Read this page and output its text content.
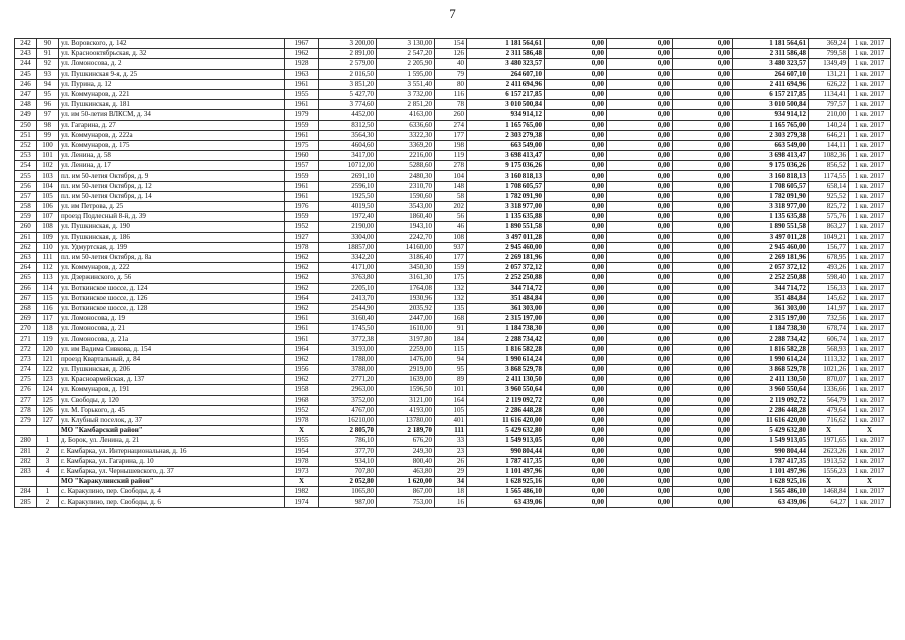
7
242	90	ул. Воровского, д. 142	1967	3 200,00	3 130,00	154	1 181 564,61	0,00	0,00	0,00	1 181 564,61	369,24	1 кв. 2017
243	91	ул. Краснооктябрьская, д. 32	1962	2 891,00	2 547,20	126	2 311 586,48	0,00	0,00	0,00	2 311 586,48	799,58	1 кв. 2017
244	92	ул. Ломоносова, д. 2	1928	2 579,00	2 205,90	40	3 480 323,57	0,00	0,00	0,00	3 480 323,57	1349,49	1 кв. 2017
245	93	ул. Пушкинская 9-я, д. 25	1963	2 016,50	1 595,00	79	264 607,10	0,00	0,00	0,00	264 607,10	131,21	1 кв. 2017
246	94	ул. Пурина, д. 12	1961	3 851,20	3 551,40	80	2 411 694,96	0,00	0,00	0,00	2 411 694,96	626,22	1 кв. 2017
247	95	ул. Коммунаров, д. 221	1955	5 427,70	3 732,00	116	6 157 217,85	0,00	0,00	0,00	6 157 217,85	1134,41	1 кв. 2017
248	96	ул. Пушкинская, д. 181	1961	3 774,60	2 851,20	78	3 010 500,84	0,00	0,00	0,00	3 010 500,84	797,57	1 кв. 2017
249	97	ул. им 50-летия ВЛКСМ, д. 34	1979	4452,00	4163,00	260	934 914,12	0,00	0,00	0,00	934 914,12	210,00	1 кв. 2017
250	98	ул. Гагарина, д. 27	1959	8312,50	6336,60	274	1 165 765,00	0,00	0,00	0,00	1 165 765,00	140,24	1 кв. 2017
251	99	ул. Коммунаров, д. 222а	1961	3564,30	3322,30	177	2 303 279,38	0,00	0,00	0,00	2 303 279,38	646,21	1 кв. 2017
252	100	ул. Коммунаров, д. 175	1975	4604,60	3369,20	198	663 549,00	0,00	0,00	0,00	663 549,00	144,11	1 кв. 2017
253	101	ул. Ленина, д. 58	1960	3417,00	2216,00	119	3 698 413,47	0,00	0,00	0,00	3 698 413,47	1082,36	1 кв. 2017
254	102	ул. Ленина, д. 17	1957	10712,00	5288,60	278	9 175 036,26	0,00	0,00	0,00	9 175 036,26	856,52	1 кв. 2017
255	103	пл. им 50-летия Октября, д. 9	1959	2691,10	2480,30	104	3 160 818,13	0,00	0,00	0,00	3 160 818,13	1174,55	1 кв. 2017
256	104	пл. им 50-летия Октября, д. 12	1961	2596,10	2310,70	148	1 708 605,57	0,00	0,00	0,00	1 708 605,57	658,14	1 кв. 2017
257	105	пл. им 50-летия Октября, д. 14	1961	1925,50	1590,60	58	1 782 091,90	0,00	0,00	0,00	1 782 091,90	925,52	1 кв. 2017
258	106	ул. им Петрова, д. 25	1976	4019,50	3543,00	202	3 318 977,00	0,00	0,00	0,00	3 318 977,00	825,72	1 кв. 2017
259	107	проезд Подлесный 8-й, д. 39	1959	1972,40	1860,40	56	1 135 635,88	0,00	0,00	0,00	1 135 635,88	575,76	1 кв. 2017
260	108	ул. Пушкинская, д. 190	1952	2190,00	1943,10	46	1 890 551,58	0,00	0,00	0,00	1 890 551,58	863,27	1 кв. 2017
261	109	ул. Пушкинская, д. 186	1927	3304,00	2242,70	108	3 497 011,28	0,00	0,00	0,00	3 497 011,28	1049,21	1 кв. 2017
262	110	ул. Удмуртская, д. 199	1978	18857,00	14160,00	937	2 945 460,00	0,00	0,00	0,00	2 945 460,00	156,77	1 кв. 2017
263	111	пл. им 50-летия Октября, д. 8а	1962	3342,20	3186,40	177	2 269 181,96	0,00	0,00	0,00	2 269 181,96	678,95	1 кв. 2017
264	112	ул. Коммунаров, д. 222	1962	4171,00	3450,30	159	2 057 372,12	0,00	0,00	0,00	2 057 372,12	493,26	1 кв. 2017
265	113	ул. Дзержинского, д. 56	1962	3763,80	3161,30	175	2 252 250,88	0,00	0,00	0,00	2 252 250,88	598,40	1 кв. 2017
266	114	ул. Воткинское шоссе, д. 124	1962	2205,10	1764,08	132	344 714,72	0,00	0,00	0,00	344 714,72	156,33	1 кв. 2017
267	115	ул. Воткинское шоссе, д. 126	1964	2413,70	1930,96	132	351 484,84	0,00	0,00	0,00	351 484,84	145,62	1 кв. 2017
268	116	ул. Воткинское шоссе, д. 128	1962	2544,90	2035,92	135	361 303,00	0,00	0,00	0,00	361 303,00	141,97	1 кв. 2017
269	117	ул. Ломоносова, д. 19	1961	3160,40	2447,00	168	2 315 197,00	0,00	0,00	0,00	2 315 197,00	732,56	1 кв. 2017
270	118	ул. Ломоносова, д. 21	1961	1745,50	1610,00	91	1 184 738,30	0,00	0,00	0,00	1 184 738,30	678,74	1 кв. 2017
271	119	ул. Ломоносова, д. 21а	1961	3772,38	3197,80	184	2 288 734,42	0,00	0,00	0,00	2 288 734,42	606,74	1 кв. 2017
272	120	ул. им Вадима Сивкова, д. 154	1964	3193,00	2259,00	115	1 816 582,28	0,00	0,00	0,00	1 816 582,28	568,93	1 кв. 2017
273	121	проезд Квартальный, д. 84	1962	1788,00	1476,00	94	1 990 614,24	0,00	0,00	0,00	1 990 614,24	1113,32	1 кв. 2017
274	122	ул. Пушкинская, д. 206	1956	3788,00	2919,00	95	3 868 529,78	0,00	0,00	0,00	3 868 529,78	1021,26	1 кв. 2017
275	123	ул. Красноармейская, д. 137	1962	2771,20	1639,00	89	2 411 130,50	0,00	0,00	0,00	2 411 130,50	870,07	1 кв. 2017
276	124	ул. Коммунаров, д. 191	1958	2963,00	1596,50	101	3 960 550,64	0,00	0,00	0,00	3 960 550,64	1336,66	1 кв. 2017
277	125	ул. Свободы, д. 120	1968	3752,00	3121,00	164	2 119 092,72	0,00	0,00	0,00	2 119 092,72	564,79	1 кв. 2017
278	126	ул. М. Горького, д. 45	1952	4767,00	4193,00	105	2 286 448,28	0,00	0,00	0,00	2 286 448,28	479,64	1 кв. 2017
279	127	ул. Клубный поселок, д. 37	1978	16210,00	13780,00	401	11 616 420,00	0,00	0,00	0,00	11 616 420,00	716,62	1 кв. 2017
		МО "Камбарский район"	X	2 805,70	2 189,70	111	5 429 632,80	0,00	0,00	0,00	5 429 632,80	X	X
280	1	д. Борок, ул. Ленина, д. 21	1955	786,10	676,20	33	1 549 913,05	0,00	0,00	0,00	1 549 913,05	1971,65	1 кв. 2017
281	2	г. Камбарка, ул. Интернациональная, д. 16	1954	377,70	249,30	23	990 804,44	0,00	0,00	0,00	990 804,44	2623,26	1 кв. 2017
282	3	г. Камбарка, ул. Гагарина, д. 10	1978	934,10	800,40	26	1 787 417,35	0,00	0,00	0,00	1 787 417,35	1913,52	1 кв. 2017
283	4	г. Камбарка, ул. Чернышевского, д. 37	1973	707,80	463,80	29	1 101 497,96	0,00	0,00	0,00	1 101 497,96	1556,23	1 кв. 2017
		МО "Каракулинский район"	X	2 052,80	1 620,00	34	1 628 925,16	0,00	0,00	0,00	1 628 925,16	X	X
284	1	с. Каракулино, пер. Свободы, д. 4	1982	1065,80	867,00	18	1 565 486,10	0,00	0,00	0,00	1 565 486,10	1468,84	1 кв. 2017
285	2	с. Каракулино, пер. Свободы, д. 6	1974	987,00	753,00	16	63 439,06	0,00	0,00	0,00	63 439,06	64,27	1 кв. 2017
